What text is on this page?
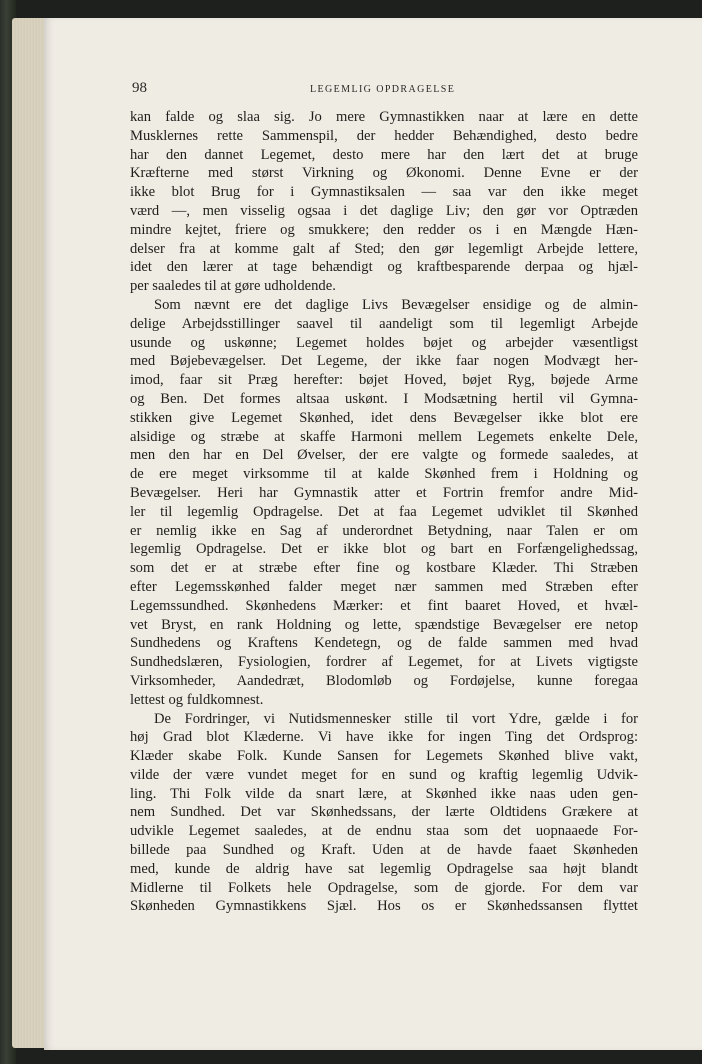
98	LEGEMLIG OPDRAGELSE
kan falde og slaa sig. Jo mere Gymnastikken naar at lære en dette
Musklernes rette Sammenspil, der hedder Behændighed, desto bedre
har den dannet Legemet, desto mere har den lært det at bruge
Kræfterne med størst Virkning og Økonomi. Denne Evne er der
ikke blot Brug for i Gymnastiksalen — saa var den ikke meget
værd —, men visselig ogsaa i det daglige Liv; den gør vor Optræden
mindre kejtet, friere og smukkere; den redder os i en Mængde Hæn-
delser fra at komme galt af Sted; den gør legemligt Arbejde lettere,
idet den lærer at tage behændigt og kraftbesparende derpaa og hjæl-
per saaledes til at gøre udholdende.
Som nævnt ere det daglige Livs Bevægelser ensidige og de almin-
delige Arbejdsstillinger saavel til aandeligt som til legemligt Arbejde
usunde og uskønne; Legemet holdes bøjet og arbejder væsentligst
med Bøjebevægelser. Det Legeme, der ikke faar nogen Modvægt her-
imod, faar sit Præg herefter: bøjet Hoved, bøjet Ryg, bøjede Arme
og Ben. Det formes altsaa uskønt. I Modsætning hertil vil Gymna-
stikken give Legemet Skønhed, idet dens Bevægelser ikke blot ere
alsidige og stræbe at skaffe Harmoni mellem Legemets enkelte Dele,
men den har en Del Øvelser, der ere valgte og formede saaledes, at
de ere meget virksomme til at kalde Skønhed frem i Holdning og
Bevægelser. Heri har Gymnastik atter et Fortrin fremfor andre Mid-
ler til legemlig Opdragelse. Det at faa Legemet udviklet til Skønhed
er nemlig ikke en Sag af underordnet Betydning, naar Talen er om
legemlig Opdragelse. Det er ikke blot og bart en Forfængelighedssag,
som det er at stræbe efter fine og kostbare Klæder. Thi Stræben
efter Legemsskønhed falder meget nær sammen med Stræben efter
Legemssundhed. Skønhedens Mærker: et fint baaret Hoved, et hvæl-
vet Bryst, en rank Holdning og lette, spændstige Bevægelser ere netop
Sundhedens og Kraftens Kendetegn, og de falde sammen med hvad
Sundhedslæren, Fysiologien, fordrer af Legemet, for at Livets vigtigste
Virksomheder, Aandedræt, Blodomløb og Fordøjelse, kunne foregaa
lettest og fuldkomnest.
De Fordringer, vi Nutidsmennesker stille til vort Ydre, gælde i for
høj Grad blot Klæderne. Vi have ikke for ingen Ting det Ordsprog:
Klæder skabe Folk. Kunde Sansen for Legemets Skønhed blive vakt,
vilde der være vundet meget for en sund og kraftig legemlig Udvik-
ling. Thi Folk vilde da snart lære, at Skønhed ikke naas uden gen-
nem Sundhed. Det var Skønhedssans, der lærte Oldtidens Grækere at
udvikle Legemet saaledes, at de endnu staa som det uopnaaede For-
billede paa Sundhed og Kraft. Uden at de havde faaet Skønheden
med, kunde de aldrig have sat legemlig Opdragelse saa højt blandt
Midlerne til Folkets hele Opdragelse, som de gjorde. For dem var
Skønheden Gymnastikkens Sjæl. Hos os er Skønhedssansen flyttet
